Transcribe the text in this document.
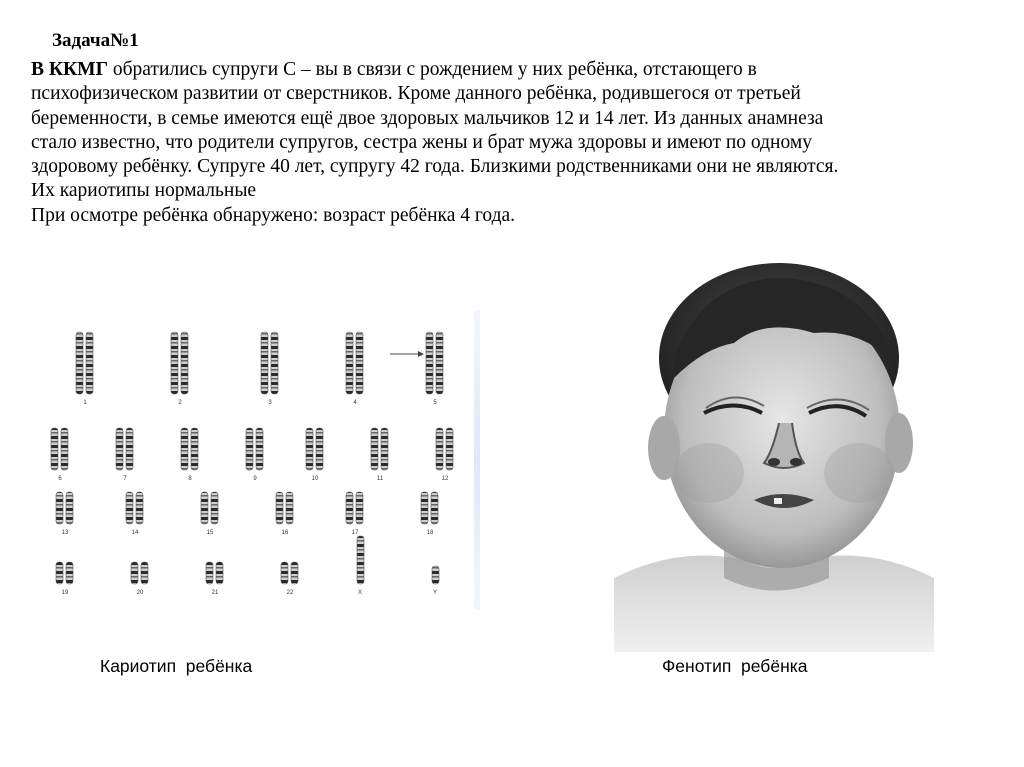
Задача№1
В ККМГ обратились супруги С – вы в связи с рождением у них ребёнка, отстающего в
психофизическом развитии от сверстников. Кроме данного ребёнка, родившегося от третьей
беременности, в семье имеются ещё двое здоровых мальчиков 12 и 14 лет. Из данных анамнеза
стало известно, что родители супругов, сестра жены и брат мужа здоровы и имеют по одному
здоровому ребёнку. Супруге 40 лет, супругу 42 года. Близкими родственниками они не являются.
Их кариотипы нормальные
При осмотре ребёнка обнаружено: возраст ребёнка 4 года.
1	2	3	4	5
6	7	8	9	10	11	12
13	14	15	16	17	18
19	20	21	22	X	Y
Кариотип  ребёнка	Фенотип  ребёнка
